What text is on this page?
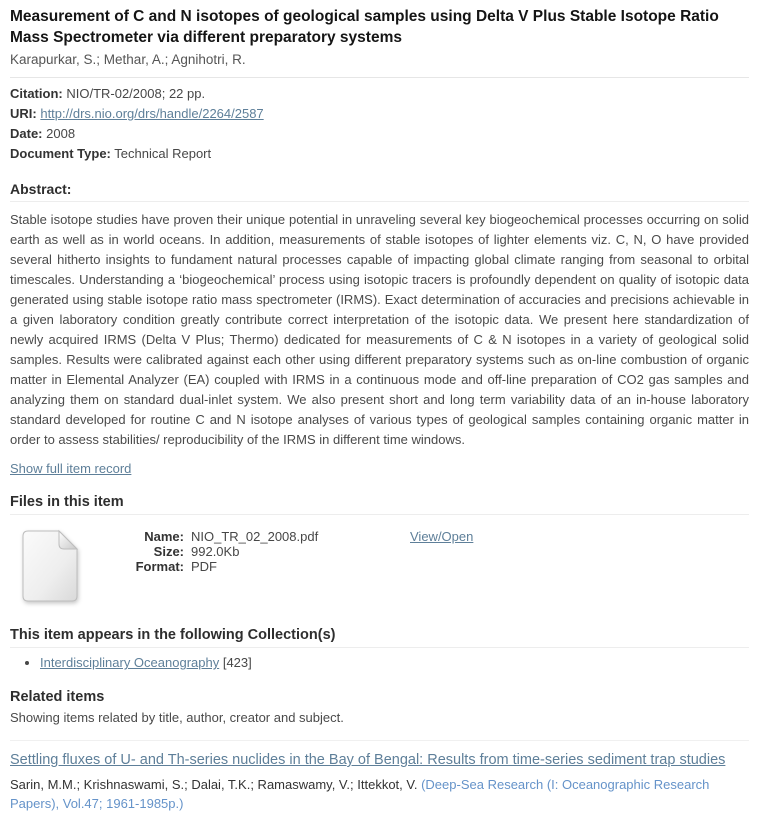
Measurement of C and N isotopes of geological samples using Delta V Plus Stable Isotope Ratio Mass Spectrometer via different preparatory systems
Karapurkar, S.; Methar, A.; Agnihotri, R.
Citation: NIO/TR-02/2008; 22 pp.
URI: http://drs.nio.org/drs/handle/2264/2587
Date: 2008
Document Type: Technical Report
Abstract:
Stable isotope studies have proven their unique potential in unraveling several key biogeochemical processes occurring on solid earth as well as in world oceans. In addition, measurements of stable isotopes of lighter elements viz. C, N, O have provided several hitherto insights to fundament natural processes capable of impacting global climate ranging from seasonal to orbital timescales. Understanding a ‘biogeochemical’ process using isotopic tracers is profoundly dependent on quality of isotopic data generated using stable isotope ratio mass spectrometer (IRMS). Exact determination of accuracies and precisions achievable in a given laboratory condition greatly contribute correct interpretation of the isotopic data. We present here standardization of newly acquired IRMS (Delta V Plus; Thermo) dedicated for measurements of C & N isotopes in a variety of geological solid samples. Results were calibrated against each other using different preparatory systems such as on-line combustion of organic matter in Elemental Analyzer (EA) coupled with IRMS in a continuous mode and off-line preparation of CO2 gas samples and analyzing them on standard dual-inlet system. We also present short and long term variability data of an in-house laboratory standard developed for routine C and N isotope analyses of various types of geological samples containing organic matter in order to assess stabilities/ reproducibility of the IRMS in different time windows.
Show full item record
Files in this item
Name: NIO_TR_02_2008.pdf
Size: 992.0Kb
Format: PDF
View/Open
This item appears in the following Collection(s)
• Interdisciplinary Oceanography [423]
Related items
Showing items related by title, author, creator and subject.
Settling fluxes of U- and Th-series nuclides in the Bay of Bengal: Results from time-series sediment trap studies
Sarin, M.M.; Krishnaswami, S.; Dalai, T.K.; Ramaswamy, V.; Ittekkot, V. (Deep-Sea Research (I: Oceanographic Research Papers), Vol.47; 1961-1985p.)
